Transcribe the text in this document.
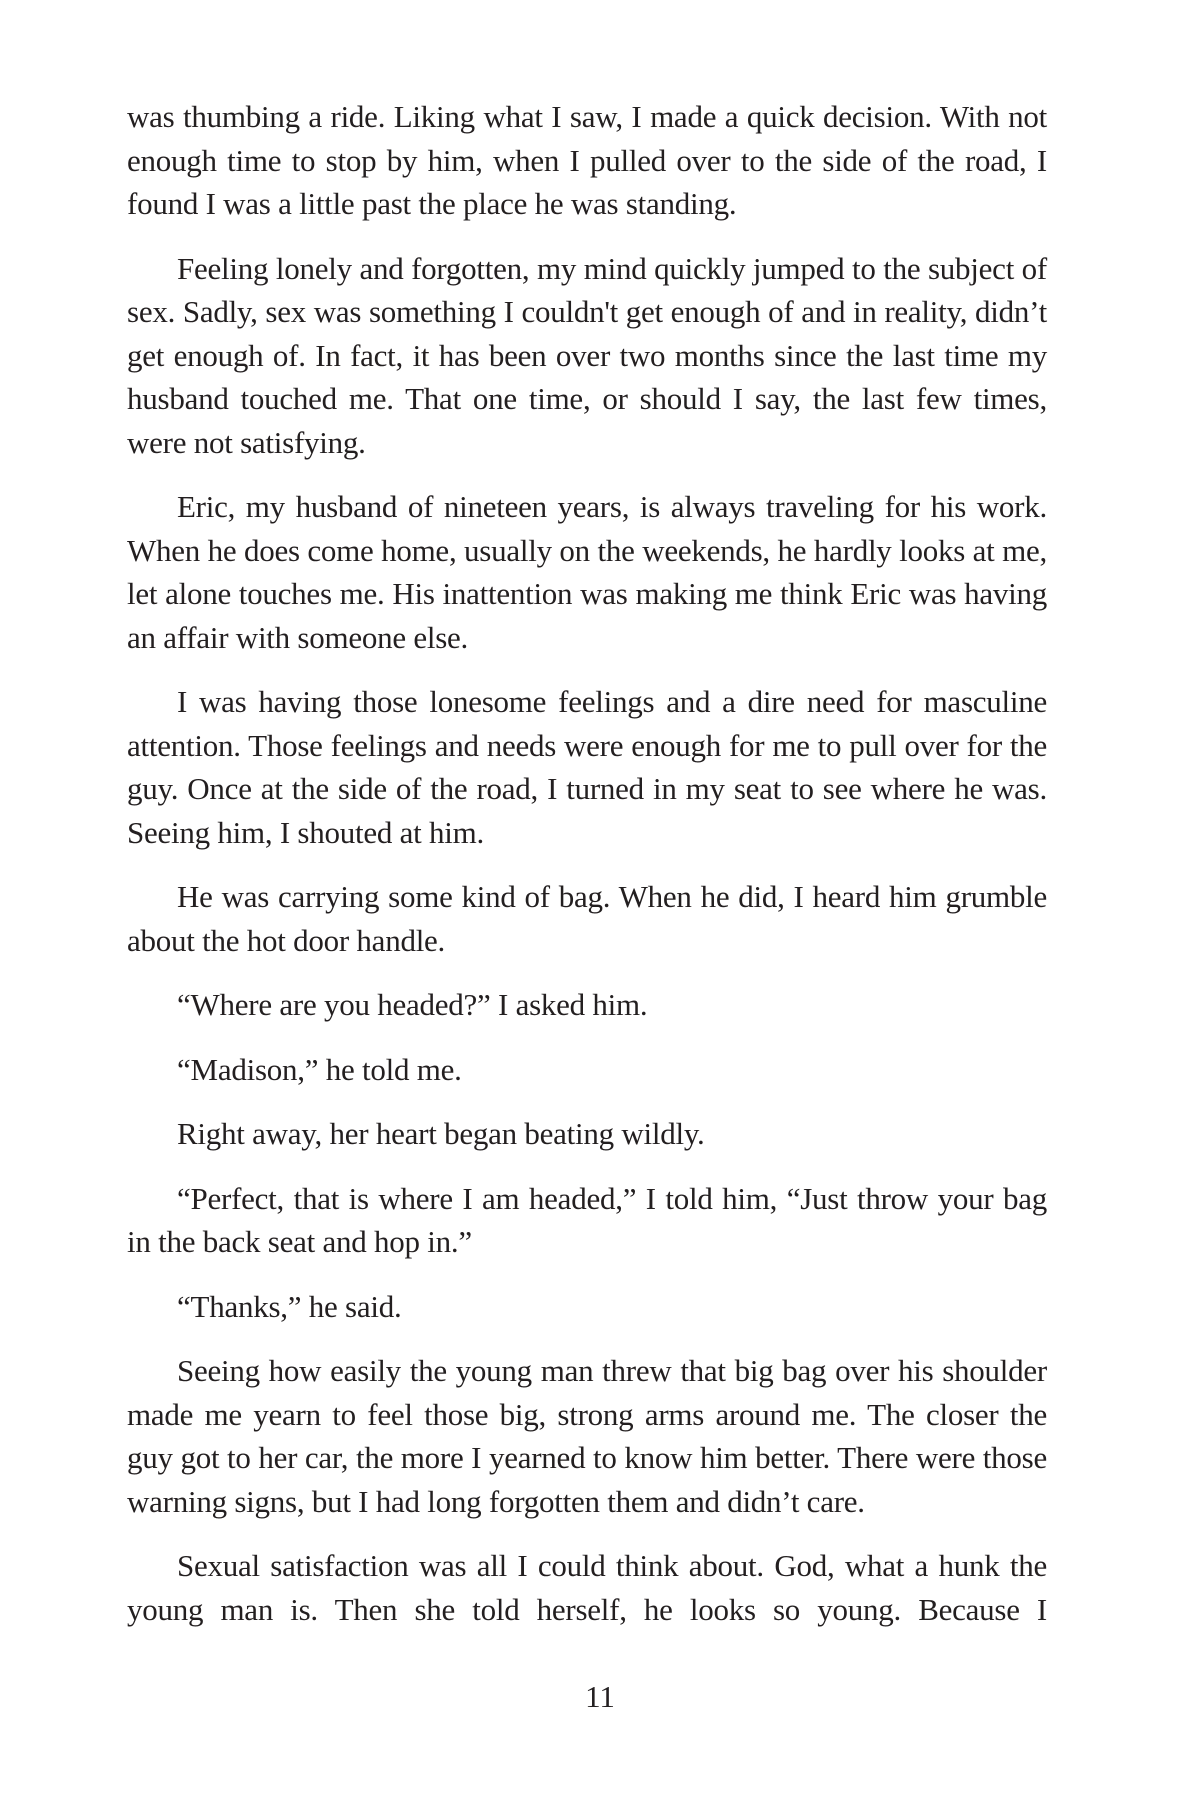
was thumbing a ride. Liking what I saw, I made a quick decision. With not enough time to stop by him, when I pulled over to the side of the road, I found I was a little past the place he was standing.

Feeling lonely and forgotten, my mind quickly jumped to the subject of sex. Sadly, sex was something I couldn't get enough of and in reality, didn’t get enough of. In fact, it has been over two months since the last time my husband touched me. That one time, or should I say, the last few times, were not satisfying.

Eric, my husband of nineteen years, is always traveling for his work. When he does come home, usually on the weekends, he hardly looks at me, let alone touches me. His inattention was making me think Eric was having an affair with someone else.

I was having those lonesome feelings and a dire need for masculine attention. Those feelings and needs were enough for me to pull over for the guy. Once at the side of the road, I turned in my seat to see where he was. Seeing him, I shouted at him.

He was carrying some kind of bag. When he did, I heard him grumble about the hot door handle.

“Where are you headed?” I asked him.

“Madison,” he told me.

Right away, her heart began beating wildly.

“Perfect, that is where I am headed,” I told him, “Just throw your bag in the back seat and hop in.”

“Thanks,” he said.

Seeing how easily the young man threw that big bag over his shoulder made me yearn to feel those big, strong arms around me. The closer the guy got to her car, the more I yearned to know him better. There were those warning signs, but I had long forgotten them and didn’t care.

Sexual satisfaction was all I could think about. God, what a hunk the young man is. Then she told herself, he looks so young. Because I

11
